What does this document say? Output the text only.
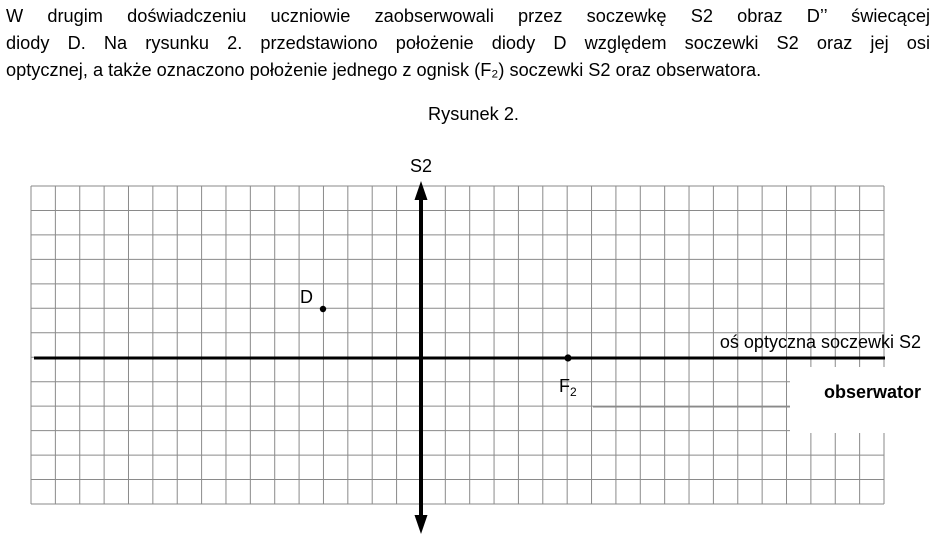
W drugim doświadczeniu uczniowie zaobserwowali przez soczewkę S2 obraz D’’ świecącej
diody D. Na rysunku 2. przedstawiono położenie diody D względem soczewki S2 oraz jej osi
optycznej, a także oznaczono położenie jednego z ognisk (F₂) soczewki S2 oraz obserwatora.

Rysunek 2.
S2
D
oś optyczna soczewki S2
$F_2$	obserwator
